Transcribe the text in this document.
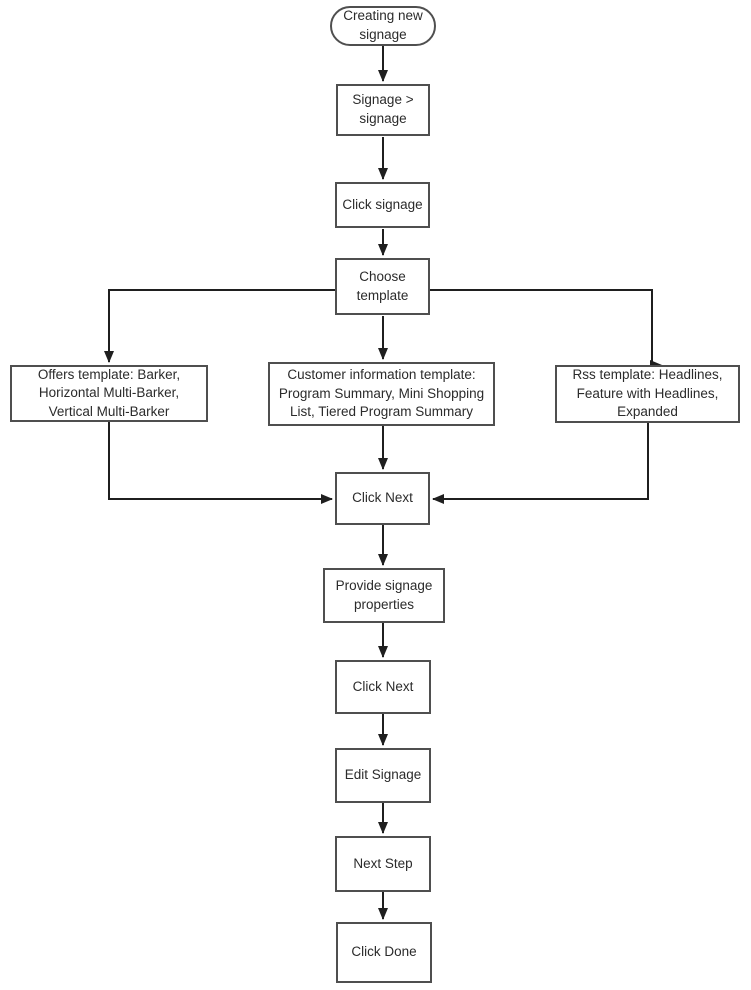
Creating new signage
Signage > signage
Click signage
Choose template
Offers template: Barker, Horizontal Multi-Barker, Vertical Multi-Barker
Customer information template: Program Summary, Mini Shopping List, Tiered Program Summary
Rss template: Headlines, Feature with Headlines, Expanded
Click Next
Provide signage properties
Click Next
Edit Signage
Next Step
Click Done
